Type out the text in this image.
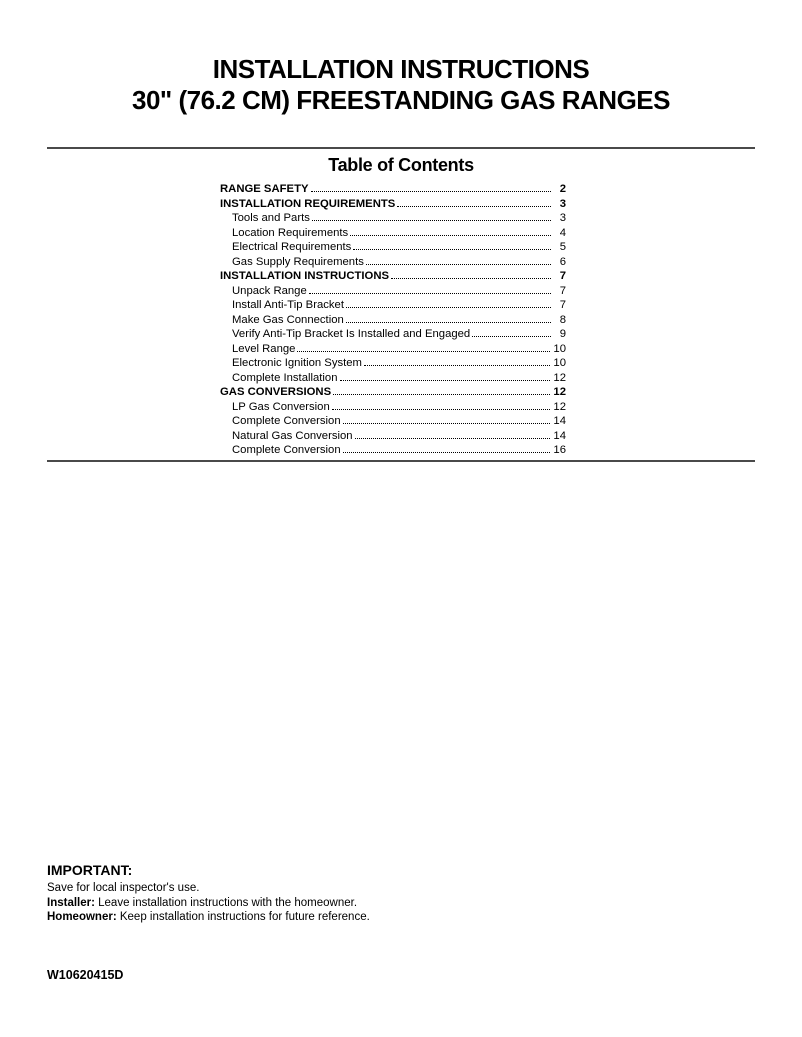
INSTALLATION INSTRUCTIONS
30" (76.2 CM) FREESTANDING GAS RANGES
Table of Contents
RANGE SAFETY	2
INSTALLATION REQUIREMENTS	3
Tools and Parts	3
Location Requirements	4
Electrical Requirements	5
Gas Supply Requirements	6
INSTALLATION INSTRUCTIONS	7
Unpack Range	7
Install Anti-Tip Bracket	7
Make Gas Connection	8
Verify Anti-Tip Bracket Is Installed and Engaged	9
Level Range	10
Electronic Ignition System	10
Complete Installation	12
GAS CONVERSIONS	12
LP Gas Conversion	12
Complete Conversion	14
Natural Gas Conversion	14
Complete Conversion	16
IMPORTANT:
Save for local inspector's use.
Installer: Leave installation instructions with the homeowner.
Homeowner: Keep installation instructions for future reference.
W10620415D
